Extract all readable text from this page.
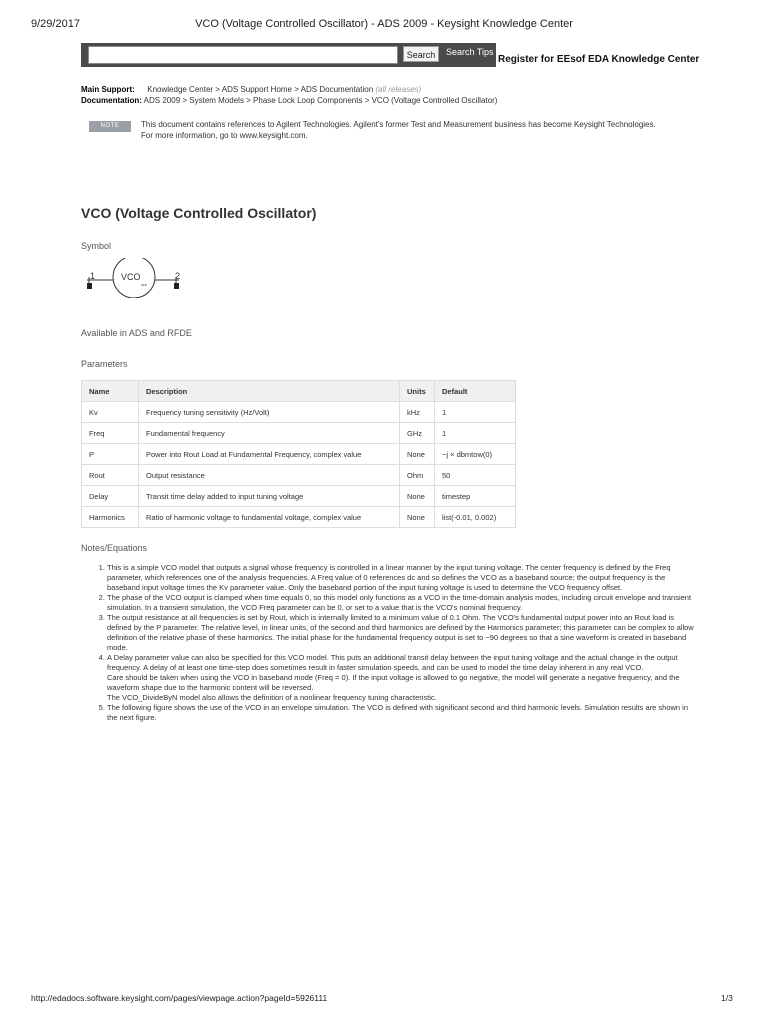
9/29/2017	VCO (Voltage Controlled Oscillator) - ADS 2009 - Keysight Knowledge Center
Search	Search Tips
Register for EEsof EDA Knowledge Center
Main Support: Knowledge Center > ADS Support Home > ADS Documentation (all releases)
Documentation: ADS 2009 > System Models > Phase Lock Loop Components > VCO (Voltage Controlled Oscillator)
NOTE	This document contains references to Agilent Technologies. Agilent's former Test and Measurement business has become Keysight Technologies. For more information, go to www.keysight.com.
VCO (Voltage Controlled Oscillator)
Symbol
1	2
VCO
out
Available in ADS and RFDE
Parameters
Name	Description	Units	Default
Kv	Frequency tuning sensitivity (Hz/Volt)	kHz	1
Freq	Fundamental frequency	GHz	1
P	Power into Rout Load at Fundamental Frequency, complex value	None	−j × dbmtow(0)
Rout	Output resistance	Ohm	50
Delay	Transit time delay added to input tuning voltage	None	timestep
Harmonics	Ratio of harmonic voltage to fundamental voltage, complex value	None	list(-0.01, 0.002)
Notes/Equations
1. This is a simple VCO model that outputs a signal whose frequency is controlled in a linear manner by the input tuning voltage. The center frequency is defined by the Freq parameter, which references one of the analysis frequencies. A Freq value of 0 references dc and so defines the VCO as a baseband source; the output frequency is the baseband input voltage times the Kv parameter value. Only the baseband portion of the input tuning voltage is used to determine the VCO frequency offset.
2. The phase of the VCO output is clamped when time equals 0, so this model only functions as a VCO in the time-domain analysis modes, including circuit envelope and transient simulation. In a transient simulation, the VCO Freq parameter can be 0, or set to a value that is the VCO's nominal frequency.
3. The output resistance at all frequencies is set by Rout, which is internally limited to a minimum value of 0.1 Ohm. The VCO's fundamental output power into an Rout load is defined by the P parameter. The relative level, in linear units, of the second and third harmonics are defined by the Harmonics parameter; this parameter can be complex to allow definition of the relative phase of these harmonics. The initial phase for the fundamental frequency output is set to −90 degrees so that a sine waveform is created in baseband mode.
4. A Delay parameter value can also be specified for this VCO model. This puts an additional transit delay between the input tuning voltage and the actual change in the output frequency. A delay of at least one time-step does sometimes result in faster simulation speeds, and can be used to model the time delay inherent in any real VCO.
Care should be taken when using the VCO in baseband mode (Freq = 0). If the input voltage is allowed to go negative, the model will generate a negative frequency, and the waveform shape due to the harmonic content will be reversed.
The VCO_DivideByN model also allows the definition of a nonlinear frequency tuning characteristic.
5. The following figure shows the use of the VCO in an envelope simulation. The VCO is defined with significant second and third harmonic levels. Simulation results are shown in the next figure.
http://edadocs.software.keysight.com/pages/viewpage.action?pageId=5926111	1/3
